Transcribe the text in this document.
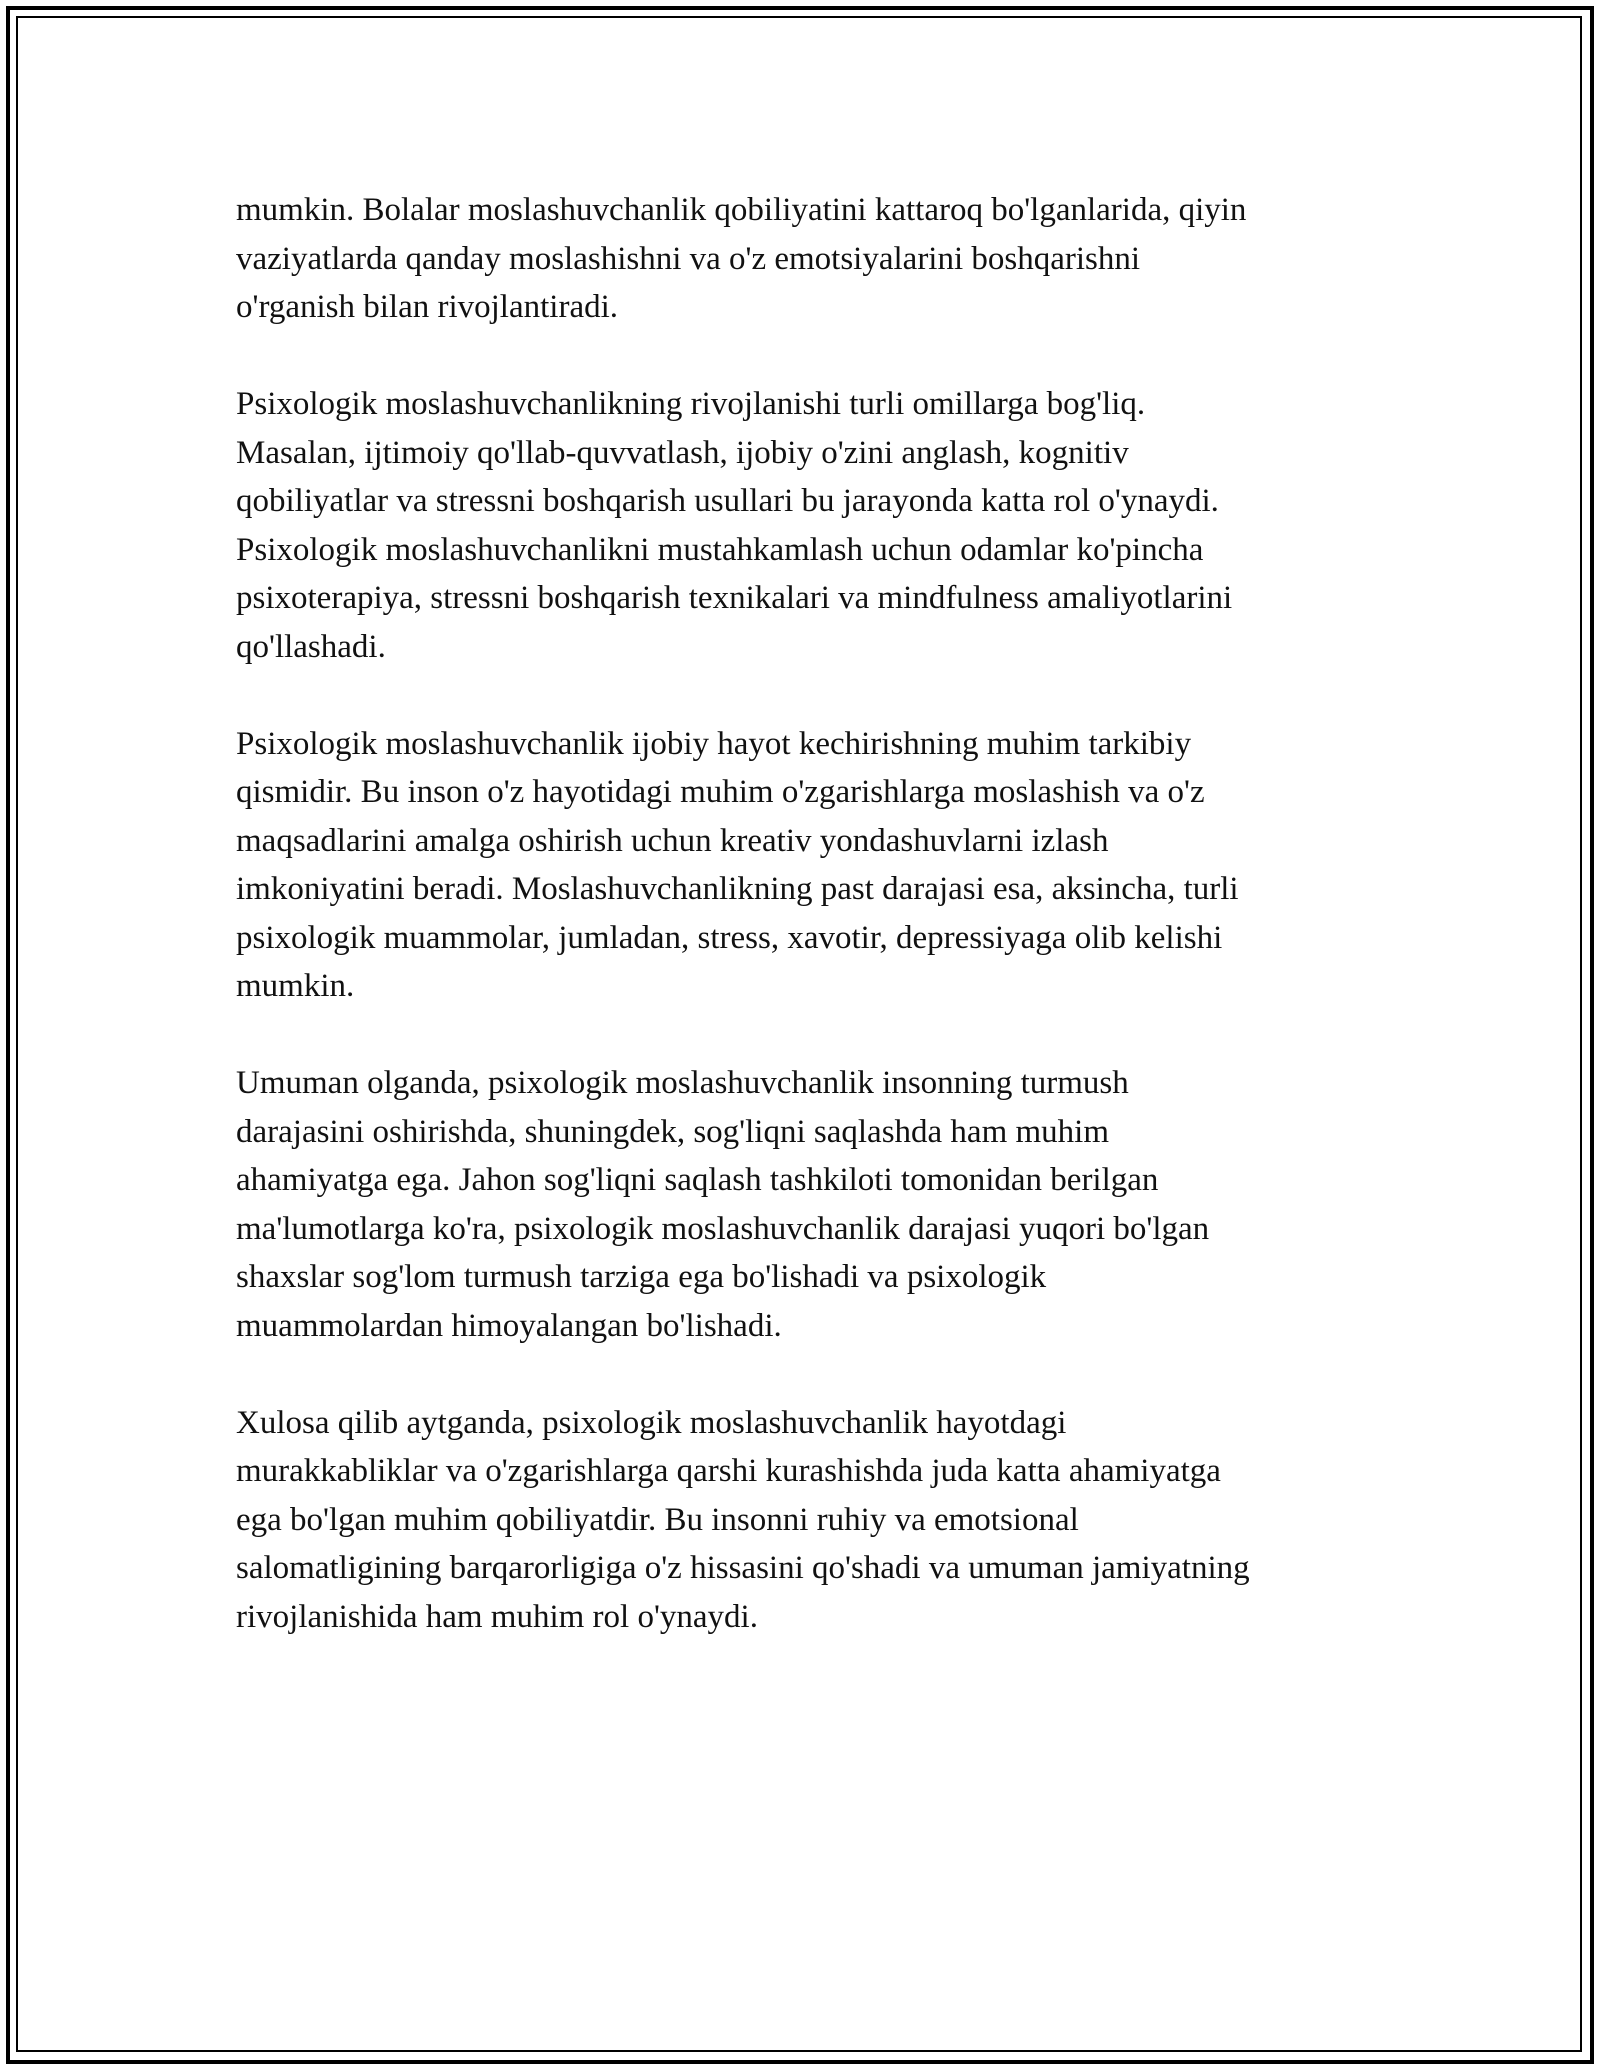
mumkin. Bolalar moslashuvchanlik qobiliyatini kattaroq bo'lganlarida, qiyin
vaziyatlarda qanday moslashishni va o'z emotsiyalarini boshqarishni
o'rganish bilan rivojlantiradi.

Psixologik moslashuvchanlikning rivojlanishi turli omillarga bog'liq.
Masalan, ijtimoiy qo'llab-quvvatlash, ijobiy o'zini anglash, kognitiv
qobiliyatlar va stressni boshqarish usullari bu jarayonda katta rol o'ynaydi.
Psixologik moslashuvchanlikni mustahkamlash uchun odamlar ko'pincha
psixoterapiya, stressni boshqarish texnikalari va mindfulness amaliyotlarini
qo'llashadi.

Psixologik moslashuvchanlik ijobiy hayot kechirishning muhim tarkibiy
qismidir. Bu inson o'z hayotidagi muhim o'zgarishlarga moslashish va o'z
maqsadlarini amalga oshirish uchun kreativ yondashuvlarni izlash
imkoniyatini beradi. Moslashuvchanlikning past darajasi esa, aksincha, turli
psixologik muammolar, jumladan, stress, xavotir, depressiyaga olib kelishi
mumkin.

Umuman olganda, psixologik moslashuvchanlik insonning turmush
darajasini oshirishda, shuningdek, sog'liqni saqlashda ham muhim
ahamiyatga ega. Jahon sog'liqni saqlash tashkiloti tomonidan berilgan
ma'lumotlarga ko'ra, psixologik moslashuvchanlik darajasi yuqori bo'lgan
shaxslar sog'lom turmush tarziga ega bo'lishadi va psixologik
muammolardan himoyalangan bo'lishadi.

Xulosa qilib aytganda, psixologik moslashuvchanlik hayotdagi
murakkabliklar va o'zgarishlarga qarshi kurashishda juda katta ahamiyatga
ega bo'lgan muhim qobiliyatdir. Bu insonni ruhiy va emotsional
salomatligining barqarorligiga o'z hissasini qo'shadi va umuman jamiyatning
rivojlanishida ham muhim rol o'ynaydi.
